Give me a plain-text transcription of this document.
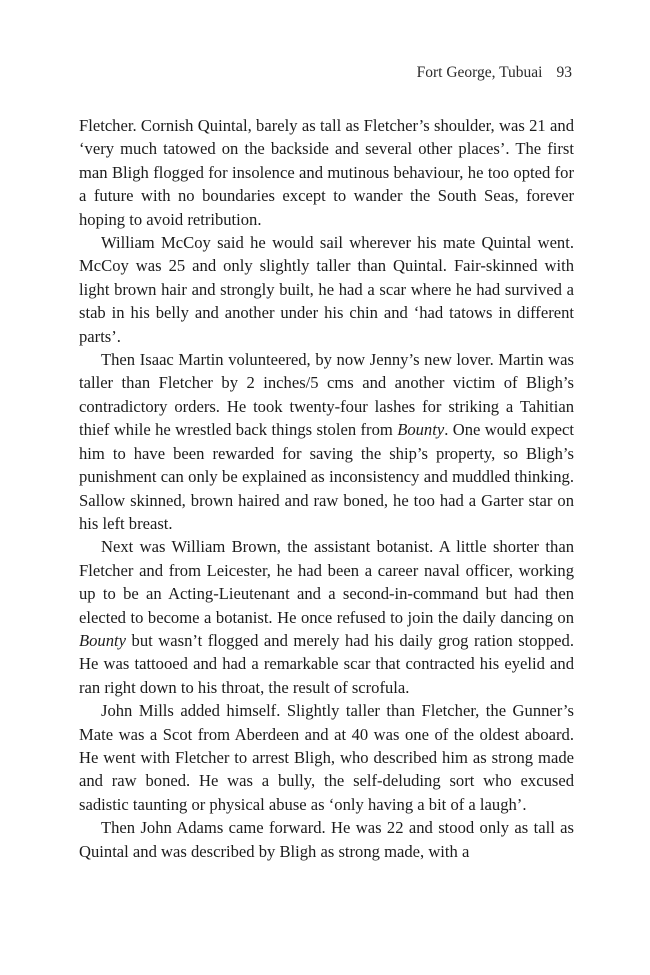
Fort George, Tubuai 93

Fletcher. Cornish Quintal, barely as tall as Fletcher’s shoulder, was 21 and ‘very much tatowed on the backside and several other places’. The first man Bligh flogged for insolence and mutinous behaviour, he too opted for a future with no boundaries except to wander the South Seas, forever hoping to avoid retribution.

William McCoy said he would sail wherever his mate Quintal went. McCoy was 25 and only slightly taller than Quintal. Fair-skinned with light brown hair and strongly built, he had a scar where he had survived a stab in his belly and another under his chin and ‘had tatows in different parts’.

Then Isaac Martin volunteered, by now Jenny’s new lover. Martin was taller than Fletcher by 2 inches/5 cms and another victim of Bligh’s contradictory orders. He took twenty-four lashes for striking a Tahitian thief while he wrestled back things stolen from Bounty. One would expect him to have been rewarded for saving the ship’s property, so Bligh’s punishment can only be explained as inconsistency and muddled thinking. Sallow skinned, brown haired and raw boned, he too had a Garter star on his left breast.

Next was William Brown, the assistant botanist. A little shorter than Fletcher and from Leicester, he had been a career naval officer, working up to be an Acting-Lieutenant and a second-in-command but had then elected to become a botanist. He once refused to join the daily dancing on Bounty but wasn’t flogged and merely had his daily grog ration stopped. He was tattooed and had a remarkable scar that contracted his eyelid and ran right down to his throat, the result of scrofula.

John Mills added himself. Slightly taller than Fletcher, the Gunner’s Mate was a Scot from Aberdeen and at 40 was one of the oldest aboard. He went with Fletcher to arrest Bligh, who described him as strong made and raw boned. He was a bully, the self-deluding sort who excused sadistic taunting or physical abuse as ‘only having a bit of a laugh’.

Then John Adams came forward. He was 22 and stood only as tall as Quintal and was described by Bligh as strong made, with a
